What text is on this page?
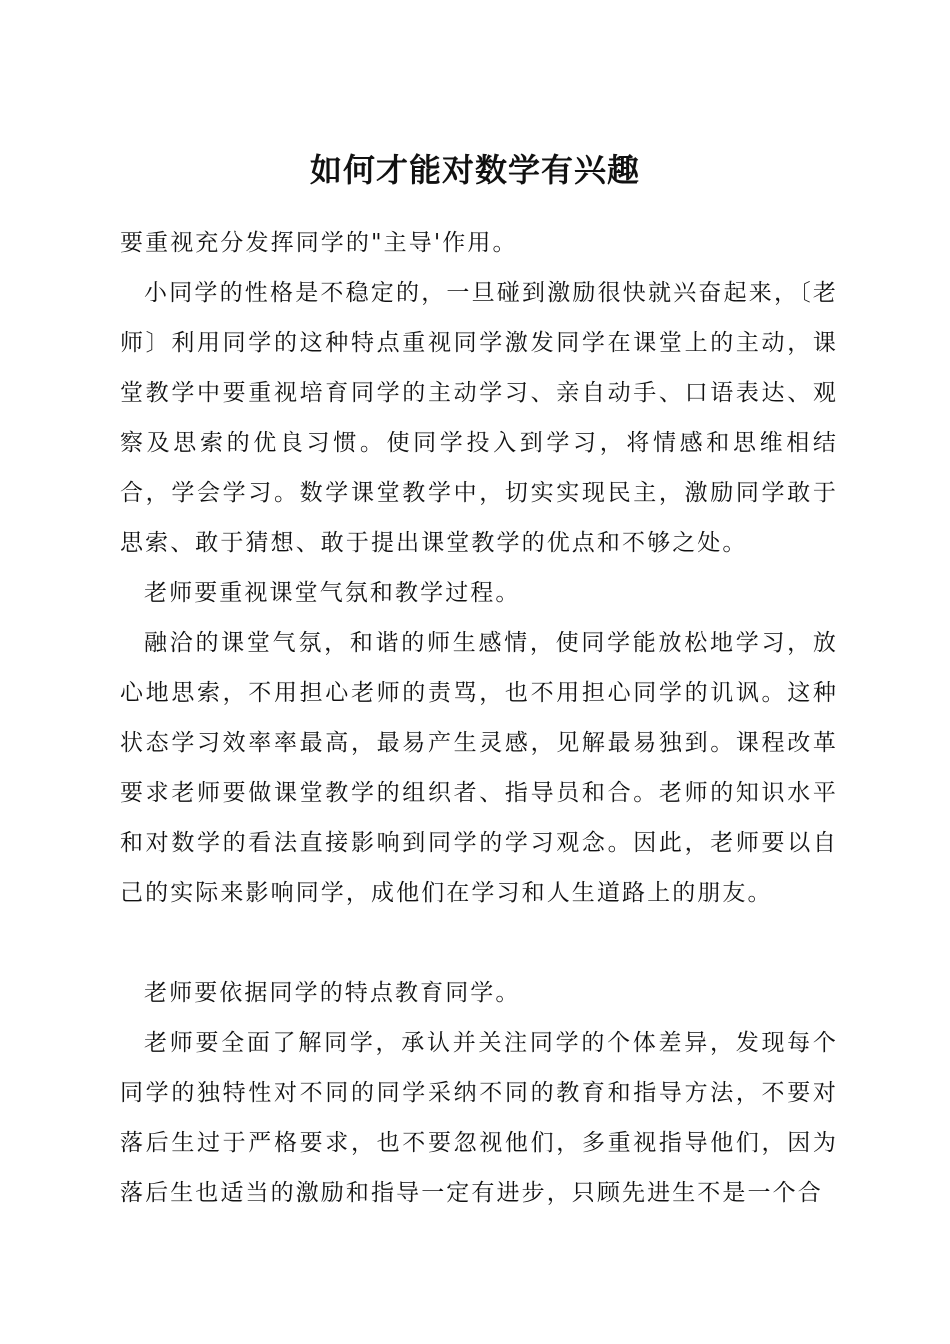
如何才能对数学有兴趣

要重视充分发挥同学的"主导'作用。

小同学的性格是不稳定的，一旦碰到激励很快就兴奋起来，〔老师〕利用同学的这种特点重视同学激发同学在课堂上的主动，课堂教学中要重视培育同学的主动学习、亲自动手、口语表达、观察及思索的优良习惯。使同学投入到学习，将情感和思维相结合，学会学习。数学课堂教学中，切实实现民主，激励同学敢于思索、敢于猜想、敢于提出课堂教学的优点和不够之处。

老师要重视课堂气氛和教学过程。

融洽的课堂气氛，和谐的师生感情，使同学能放松地学习，放心地思索，不用担心老师的责骂，也不用担心同学的讥讽。这种状态学习效率率最高，最易产生灵感，见解最易独到。课程改革要求老师要做课堂教学的组织者、指导员和合。老师的知识水平和对数学的看法直接影响到同学的学习观念。因此，老师要以自己的实际来影响同学，成他们在学习和人生道路上的朋友。

老师要依据同学的特点教育同学。

老师要全面了解同学，承认并关注同学的个体差异，发现每个同学的独特性对不同的同学采纳不同的教育和指导方法，不要对落后生过于严格要求，也不要忽视他们，多重视指导他们，因为落后生也适当的激励和指导一定有进步，只顾先进生不是一个合
